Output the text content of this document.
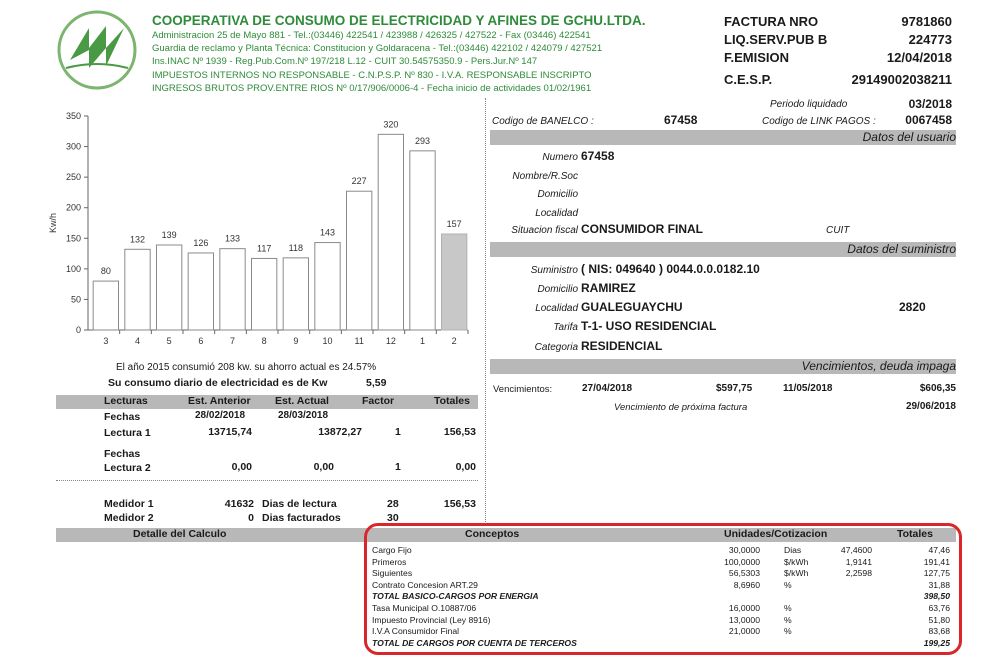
COOPERATIVA DE CONSUMO DE ELECTRICIDAD Y AFINES DE GCHU.LTDA.
Administracion 25 de Mayo 881 - Tel.:(03446) 422541 / 423988 / 426325 / 427522 - Fax (03446) 422541
Guardia de reclamo y Planta Técnica: Constitucion y Goldaracena - Tel.:(03446) 422102 / 424079 / 427521
Ins.INAC Nº 1939 - Reg.Pub.Com.Nº 197/218 L.12 - CUIT 30.54575350.9 - Pers.Jur.Nº 147
IMPUESTOS INTERNOS NO RESPONSABLE - C.N.P.S.P. Nº 830 - I.V.A. RESPONSABLE INSCRIPTO
INGRESOS BRUTOS PROV.ENTRE RIOS Nº 0/17/906/0006-4 - Fecha inicio de actividades 01/02/1961
FACTURA NRO	9781860
LIQ.SERV.PUB B	224773
F.EMISION	12/04/2018
C.E.S.P.	29149002038211
Periodo liquidado	03/2018
Codigo de BANELCO :	67458	Codigo de LINK PAGOS : 0067458
Datos del usuario
Numero 67458
Nombre/R.Soc
Domicilio
Localidad
Situacion fiscal CONSUMIDOR FINAL	CUIT
Datos del suministro
Suministro ( NIS: 049640 ) 0044.0.0.0182.10
Domicilio RAMIREZ
Localidad GUALEGUAYCHU	2820
Tarifa T-1- USO RESIDENCIAL
Categoria RESIDENCIAL
Vencimientos, deuda impaga
Vencimientos:	27/04/2018	$597,75	11/05/2018	$606,35
Vencimiento de próxima factura	29/06/2018
0
50
100
150
200
250
300
350
Kw/h
80
3
132
4
139
5
126
6
133
7
117
8
118
9
143
10
227
11
320
12
293
1
157
2
El año 2015 consumió 208 kw. su ahorro actual es 24.57%
Su consumo diario de electricidad es de Kw	5,59
Lecturas	Est. Anterior Est. Actual	Factor	Totales
Fechas	28/02/2018	28/03/2018
Lectura 1	13715,74	13872,27	1	156,53
Fechas
Lectura 2	0,00	0,00	1	0,00
Medidor 1	41632 Dias de lectura	28	156,53
Medidor 2	0 Dias facturados	30
Detalle del Calculo	Conceptos	Unidades/Cotizacion	Totales
Cargo Fijo	30,0000	Dias	47,4600	47,46
Primeros	100,0000	$/kWh	1,9141	191,41
Siguientes	56,5303	$/kWh	2,2598	127,75
Contrato Concesion ART.29	8,6960	%	31,88
TOTAL BASICO-CARGOS POR ENERGIA	398,50
Tasa Municipal O.10887/06	16,0000	%	63,76
Impuesto Provincial (Ley 8916)	13,0000	%	51,80
I.V.A Consumidor Final	21,0000	%	83,68
TOTAL DE CARGOS POR CUENTA DE TERCEROS	199,25
